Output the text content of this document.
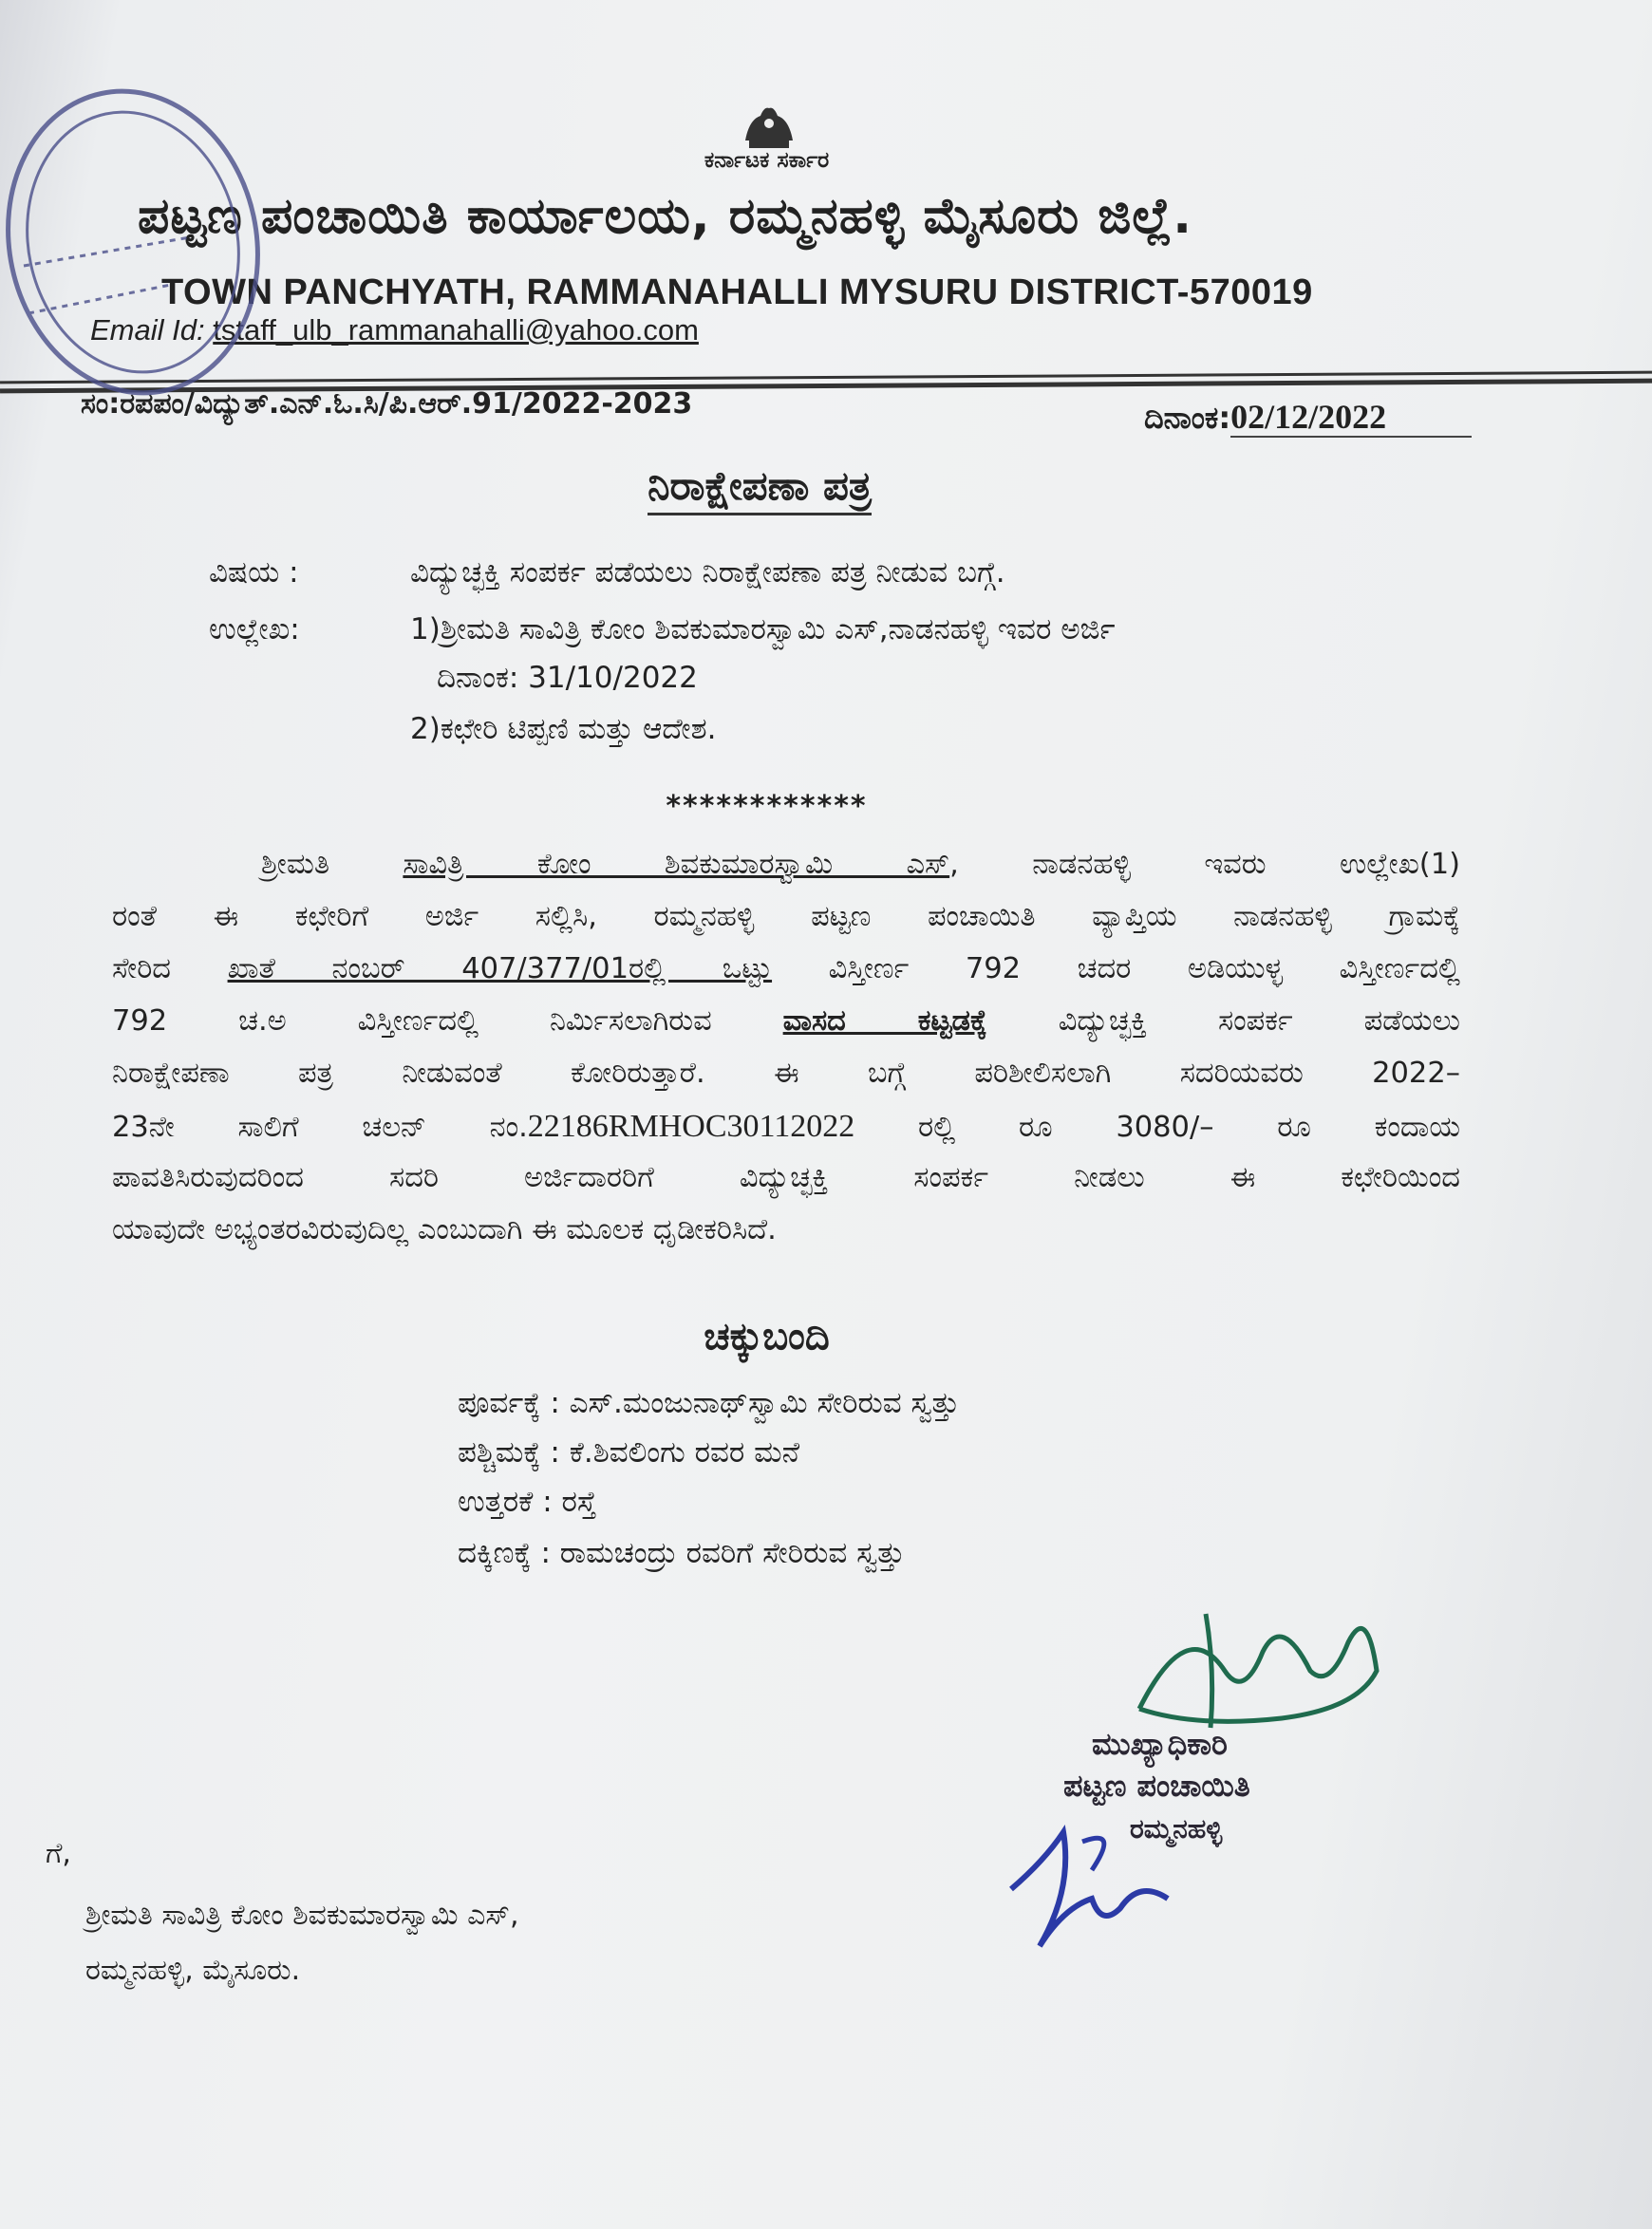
ಕರ್ನಾಟಕ ಸರ್ಕಾರ
ಪಟ್ಟಣ ಪಂಚಾಯಿತಿ ಕಾರ್ಯಾಲಯ, ರಮ್ಮನಹಳ್ಳಿ ಮೈಸೂರು ಜಿಲ್ಲೆ.
TOWN PANCHYATH, RAMMANAHALLI MYSURU DISTRICT-570019
Email Id: tstaff_ulb_rammanahalli@yahoo.com
ಸಂ:ರಪಪಂ/ವಿದ್ಯುತ್.ಎನ್.ಓ.ಸಿ/ಪಿ.ಆರ್.91/2022-2023	ದಿನಾಂಕ:02/12/2022
ನಿರಾಕ್ಷೇಪಣಾ ಪತ್ರ
ವಿಷಯ :	ವಿದ್ಯುಚ್ಛಕ್ತಿ ಸಂಪರ್ಕ ಪಡೆಯಲು ನಿರಾಕ್ಷೇಪಣಾ ಪತ್ರ ನೀಡುವ ಬಗ್ಗೆ.
ಉಲ್ಲೇಖ:	1)ಶ್ರೀಮತಿ ಸಾವಿತ್ರಿ ಕೋಂ ಶಿವಕುಮಾರಸ್ವಾಮಿ ಎಸ್,ನಾಡನಹಳ್ಳಿ ಇವರ ಅರ್ಜಿ
ದಿನಾಂಕ: 31/10/2022
2)ಕಛೇರಿ ಟಿಪ್ಪಣಿ ಮತ್ತು ಆದೇಶ.
************
ಶ್ರೀಮತಿ ಸಾವಿತ್ರಿ ಕೋಂ ಶಿವಕುಮಾರಸ್ವಾಮಿ ಎಸ್, ನಾಡನಹಳ್ಳಿ ಇವರು ಉಲ್ಲೇಖ(1)
ರಂತೆ ಈ ಕಛೇರಿಗೆ ಅರ್ಜಿ ಸಲ್ಲಿಸಿ, ರಮ್ಮನಹಳ್ಳಿ ಪಟ್ಟಣ ಪಂಚಾಯಿತಿ ವ್ಯಾಪ್ತಿಯ ನಾಡನಹಳ್ಳಿ ಗ್ರಾಮಕ್ಕೆ
ಸೇರಿದ ಖಾತೆ ನಂಬರ್ 407/377/01ರಲ್ಲಿ ಒಟ್ಟು ವಿಸ್ತೀರ್ಣ 792 ಚದರ ಅಡಿಯುಳ್ಳ ವಿಸ್ತೀರ್ಣದಲ್ಲಿ
792 ಚ.ಅ ವಿಸ್ತೀರ್ಣದಲ್ಲಿ ನಿರ್ಮಿಸಲಾಗಿರುವ ವಾಸದ ಕಟ್ಟಡಕ್ಕೆ ವಿದ್ಯುಚ್ಛಕ್ತಿ ಸಂಪರ್ಕ ಪಡೆಯಲು
ನಿರಾಕ್ಷೇಪಣಾ ಪತ್ರ ನೀಡುವಂತೆ ಕೋರಿರುತ್ತಾರೆ. ಈ ಬಗ್ಗೆ ಪರಿಶೀಲಿಸಲಾಗಿ ಸದರಿಯವರು 2022–
23ನೇ ಸಾಲಿಗೆ ಚಲನ್ ನಂ.22186RMHOC30112022 ರಲ್ಲಿ ರೂ 3080/– ರೂ ಕಂದಾಯ
ಪಾವತಿಸಿರುವುದರಿಂದ ಸದರಿ ಅರ್ಜಿದಾರರಿಗೆ ವಿದ್ಯುಚ್ಛಕ್ತಿ ಸಂಪರ್ಕ ನೀಡಲು ಈ ಕಛೇರಿಯಿಂದ
ಯಾವುದೇ ಅಭ್ಯಂತರವಿರುವುದಿಲ್ಲ ಎಂಬುದಾಗಿ ಈ ಮೂಲಕ ಧೃಡೀಕರಿಸಿದೆ.
ಚಕ್ಕುಬಂದಿ
ಪೂರ್ವಕ್ಕೆ : ಎಸ್.ಮಂಜುನಾಥ್‌ಸ್ವಾಮಿ ಸೇರಿರುವ ಸ್ವತ್ತು
ಪಶ್ಚಿಮಕ್ಕೆ : ಕೆ.ಶಿವಲಿಂಗು ರವರ ಮನೆ
ಉತ್ತರಕೆ : ರಸ್ತೆ
ದಕ್ಕಿಣಕ್ಕೆ : ರಾಮಚಂದ್ರು ರವರಿಗೆ ಸೇರಿರುವ ಸ್ವತ್ತು
ಮುಖ್ಯಾಧಿಕಾರಿ
ಪಟ್ಟಣ ಪಂಚಾಯಿತಿ
ರಮ್ಮನಹಳ್ಳಿ
ಗೆ,
ಶ್ರೀಮತಿ ಸಾವಿತ್ರಿ ಕೋಂ ಶಿವಕುಮಾರಸ್ವಾಮಿ ಎಸ್,
ರಮ್ಮನಹಳ್ಳಿ, ಮೈಸೂರು.
